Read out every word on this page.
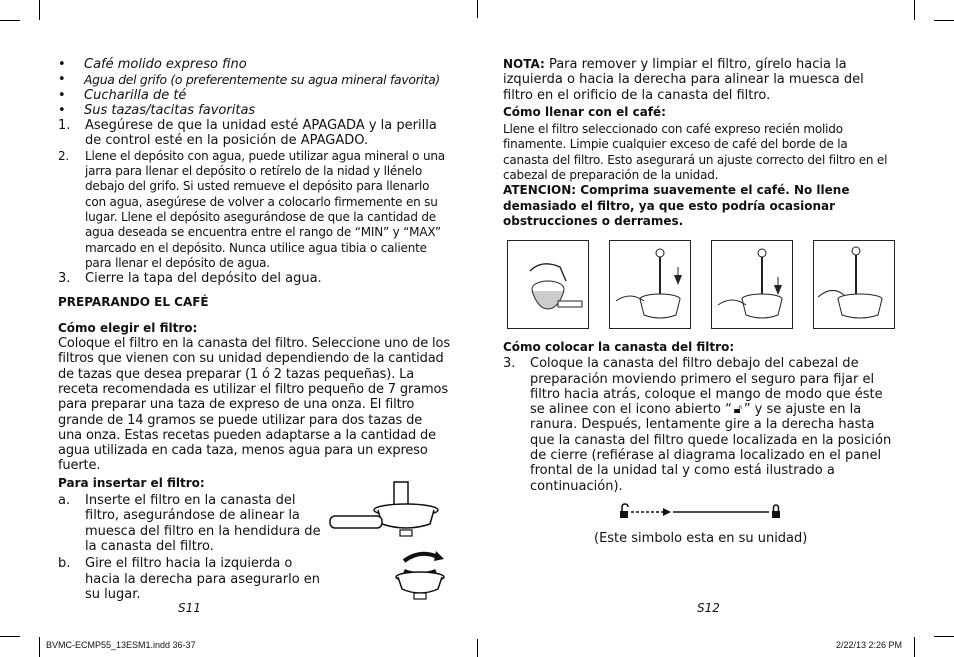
•	Café molido expreso fino
•	Agua del grifo (o preferentemente su agua mineral favorita)
•	Cucharilla de té
•	Sus tazas/tacitas favoritas
1.	Asegúrese de que la unidad esté APAGADA y la perilla de control esté en la posición de APAGADO.
2.	Llene el depósito con agua, puede utilizar agua mineral o una jarra para llenar el depósito o retírelo de la nidad y llénelo debajo del grifo. Si usted remueve el depósito para llenarlo con agua, asegúrese de volver a colocarlo firmemente en su lugar. Llene el depósito asegurándose de que la cantidad de agua deseada se encuentra entre el rango de “MIN” y “MAX” marcado en el depósito. Nunca utilice agua tibia o caliente para llenar el depósito de agua.
3.	Cierre la tapa del depósito del agua.
PREPARANDO EL CAFÉ
Cómo elegir el filtro:
Coloque el filtro en la canasta del filtro. Seleccione uno de los filtros que vienen con su unidad dependiendo de la cantidad de tazas que desea preparar (1 ó 2 tazas pequeñas). La receta recomendada es utilizar el filtro pequeño de 7 gramos para preparar una taza de expreso de una onza. El filtro grande de 14 gramos se puede utilizar para dos tazas de una onza. Estas recetas pueden adaptarse a la cantidad de agua utilizada en cada taza, menos agua para un expreso fuerte.
Para insertar el filtro:
a.	Inserte el filtro en la canasta del filtro, asegurándose de alinear la muesca del filtro en la hendidura de la canasta del filtro.
b.	Gire el filtro hacia la izquierda o hacia la derecha para asegurarlo en su lugar.
S11
NOTA: Para remover y limpiar el filtro, gírelo hacia la izquierda o hacia la derecha para alinear la muesca del filtro en el orificio de la canasta del filtro.
Cómo llenar con el café:
Llene el filtro seleccionado con café expreso recién molido finamente. Limpie cualquier exceso de café del borde de la canasta del filtro. Esto asegurará un ajuste correcto del filtro en el cabezal de preparación de la unidad.
ATENCION: Comprima suavemente el café. No llene demasiado el filtro, ya que esto podría ocasionar obstrucciones o derrames.
Cómo colocar la canasta del filtro:
3.	Coloque la canasta del filtro debajo del cabezal de preparación moviendo primero el seguro para fijar el filtro hacia atrás, coloque el mango de modo que éste se alinee con el icono abierto “ 🔓︎ ” y se ajuste en la ranura. Después, lentamente gire a la derecha hasta que la canasta del filtro quede localizada en la posición de cierre (refiérase al diagrama localizado en el panel frontal de la unidad tal y como está ilustrado a continuación).
(Este simbolo esta en su unidad)
S12
BVMC-ECMP55_13ESM1.indd 36-37	2/22/13 2:26 PM
